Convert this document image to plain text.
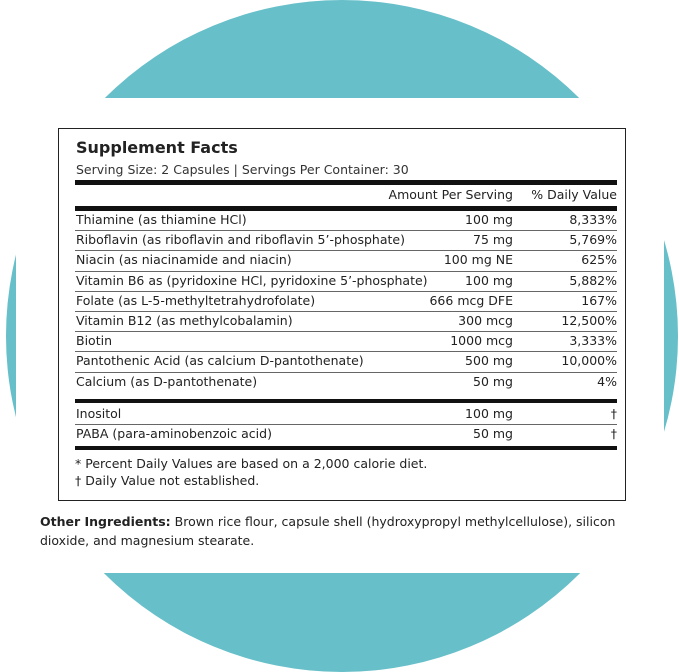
Supplement Facts
Serving Size: 2 Capsules | Servings Per Container: 30
Amount Per Serving % Daily Value
Thiamine (as thiamine HCl)	100 mg	8,333%
Riboflavin (as riboflavin and riboflavin 5’-phosphate)	75 mg	5,769%
Niacin (as niacinamide and niacin)	100 mg NE	625%
Vitamin B6 as (pyridoxine HCl, pyridoxine 5’-phosphate)	100 mg	5,882%
Folate (as L-5-methyltetrahydrofolate)	666 mcg DFE	167%
Vitamin B12 (as methylcobalamin)	300 mcg	12,500%
Biotin	1000 mcg	3,333%
Pantothenic Acid (as calcium D-pantothenate)	500 mg	10,000%
Calcium (as D-pantothenate)	50 mg	4%
Inositol	100 mg	†
PABA (para-aminobenzoic acid)	50 mg	†
* Percent Daily Values are based on a 2,000 calorie diet.
† Daily Value not established.
Other Ingredients: Brown rice flour, capsule shell (hydroxypropyl methylcellulose), silicon dioxide, and magnesium stearate.
